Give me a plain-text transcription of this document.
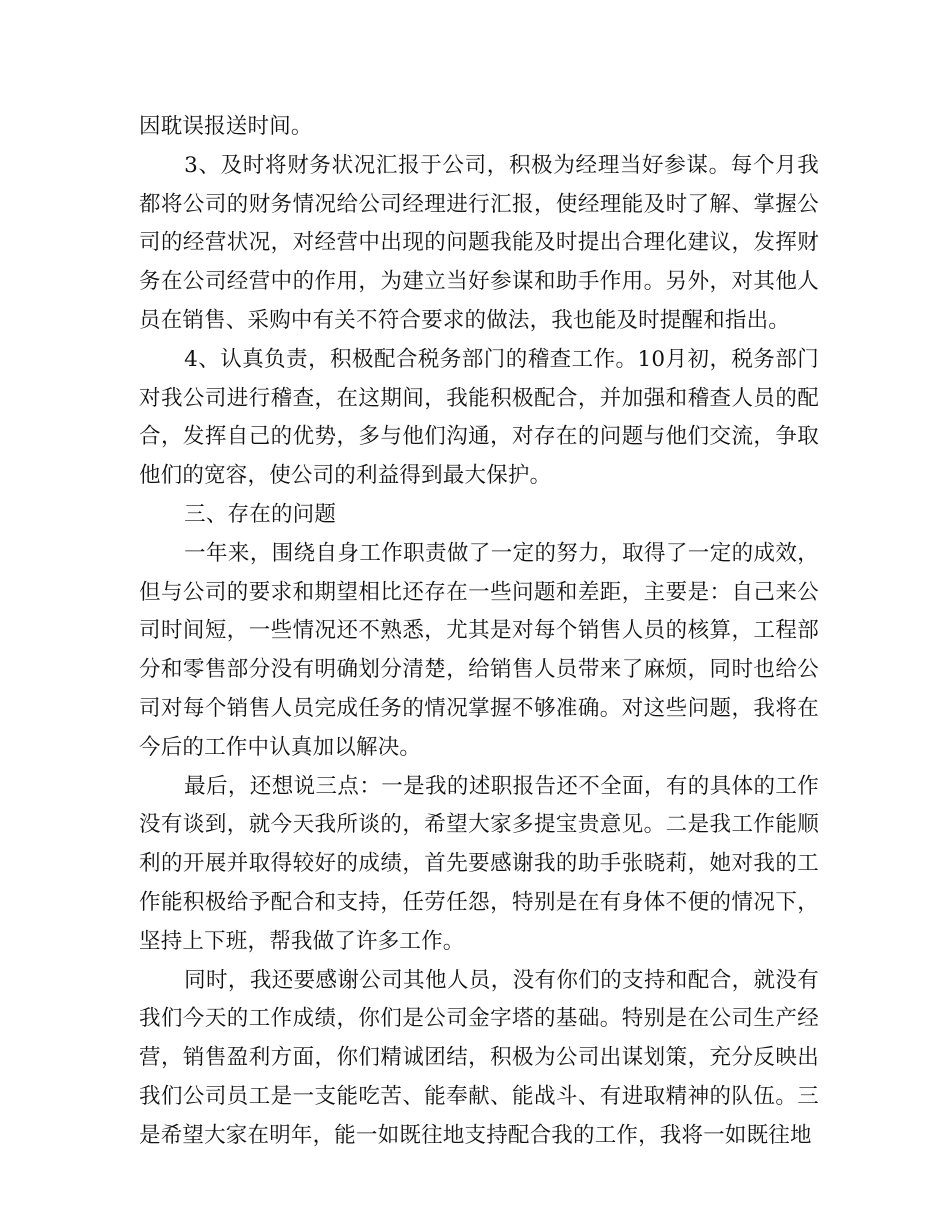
因耽误报送时间。

3、及时将财务状况汇报于公司，积极为经理当好参谋。每个月我都将公司的财务情况给公司经理进行汇报，使经理能及时了解、掌握公司的经营状况，对经营中出现的问题我能及时提出合理化建议，发挥财务在公司经营中的作用，为建立当好参谋和助手作用。另外，对其他人员在销售、采购中有关不符合要求的做法，我也能及时提醒和指出。

4、认真负责，积极配合税务部门的稽查工作。10月初，税务部门对我公司进行稽查，在这期间，我能积极配合，并加强和稽查人员的配合，发挥自己的优势，多与他们沟通，对存在的问题与他们交流，争取他们的宽容，使公司的利益得到最大保护。

三、存在的问题

一年来，围绕自身工作职责做了一定的努力，取得了一定的成效，但与公司的要求和期望相比还存在一些问题和差距，主要是：自己来公司时间短，一些情况还不熟悉，尤其是对每个销售人员的核算，工程部分和零售部分没有明确划分清楚，给销售人员带来了麻烦，同时也给公司对每个销售人员完成任务的情况掌握不够准确。对这些问题，我将在今后的工作中认真加以解决。

最后，还想说三点：一是我的述职报告还不全面，有的具体的工作没有谈到，就今天我所谈的，希望大家多提宝贵意见。二是我工作能顺利的开展并取得较好的成绩，首先要感谢我的助手张晓莉，她对我的工作能积极给予配合和支持，任劳任怨，特别是在有身体不便的情况下，坚持上下班，帮我做了许多工作。

同时，我还要感谢公司其他人员，没有你们的支持和配合，就没有我们今天的工作成绩，你们是公司金字塔的基础。特别是在公司生产经营，销售盈利方面，你们精诚团结，积极为公司出谋划策，充分反映出我们公司员工是一支能吃苦、能奉献、能战斗、有进取精神的队伍。三是希望大家在明年，能一如既往地支持配合我的工作，我将一如既往地
